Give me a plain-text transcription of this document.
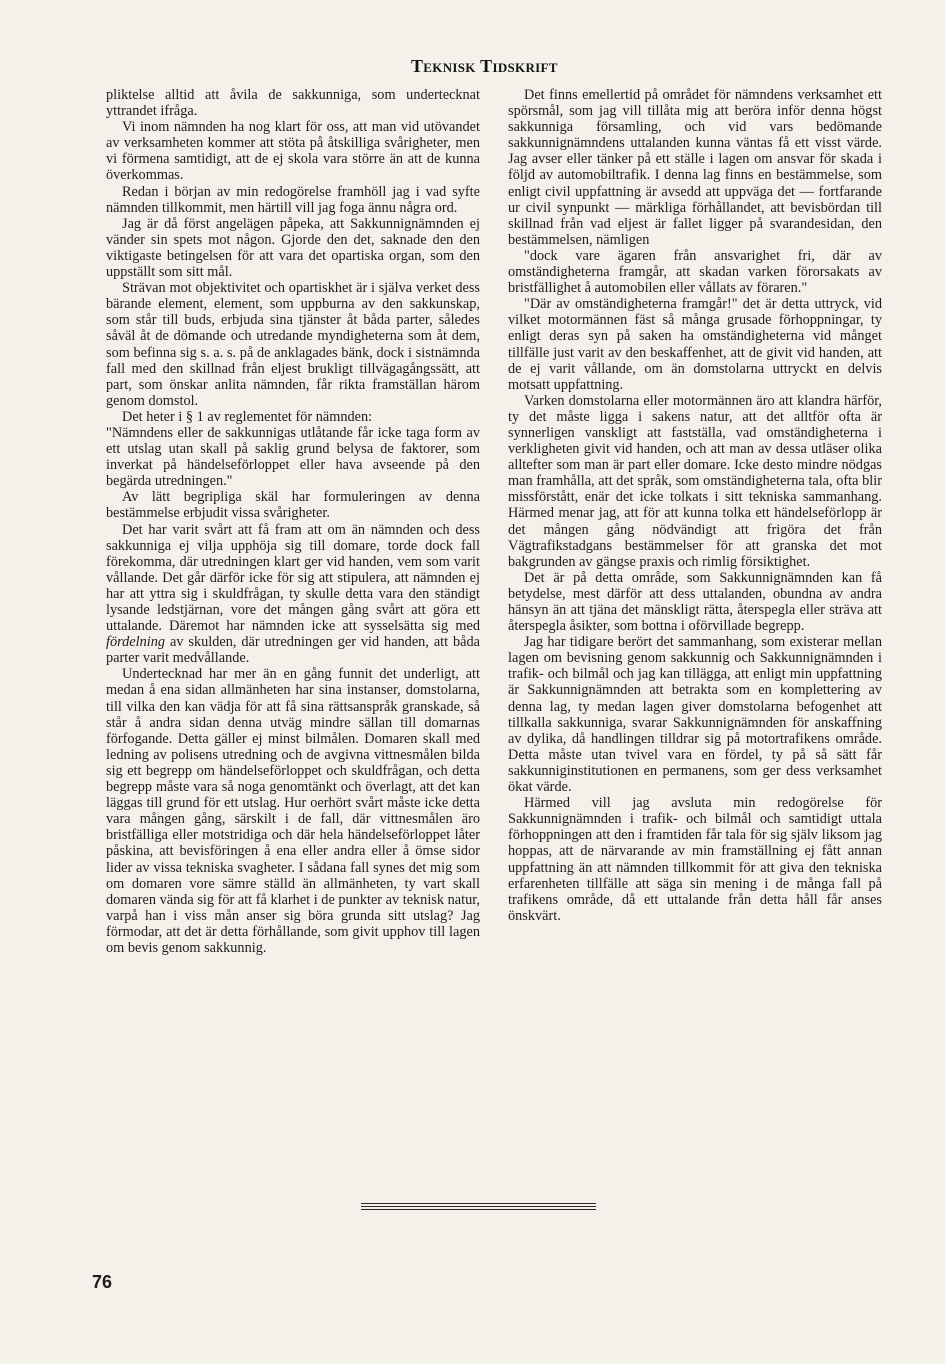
Teknisk Tidskrift

pliktelse alltid att åvila de sakkunniga, som undertecknat yttrandet ifråga.

Vi inom nämnden ha nog klart för oss, att man vid utövandet av verksamheten kommer att stöta på åtskilliga svårigheter, men vi förmena samtidigt, att de ej skola vara större än att de kunna överkommas.

Redan i början av min redogörelse framhöll jag i vad syfte nämnden tillkommit, men härtill vill jag foga ännu några ord.

Jag är då först angelägen påpeka, att Sakkunnignämnden ej vänder sin spets mot någon. Gjorde den det, saknade den den viktigaste betingelsen för att vara det opartiska organ, som den uppställt som sitt mål.

Strävan mot objektivitet och opartiskhet är i själva verket dess bärande element, element, som uppburna av den sakkunskap, som står till buds, erbjuda sina tjänster åt båda parter, således såväl åt de dömande och utredande myndigheterna som åt dem, som befinna sig s. a. s. på de anklagades bänk, dock i sistnämnda fall med den skillnad från eljest brukligt tillvägagångssätt, att part, som önskar anlita nämnden, får rikta framställan härom genom domstol.

Det heter i § 1 av reglementet för nämnden:

"Nämndens eller de sakkunnigas utlåtande får icke taga form av ett utslag utan skall på saklig grund belysa de faktorer, som inverkat på händelseförloppet eller hava avseende på den begärda utredningen."

Av lätt begripliga skäl har formuleringen av denna bestämmelse erbjudit vissa svårigheter.

Det har varit svårt att få fram att om än nämnden och dess sakkunniga ej vilja upphöja sig till domare, torde dock fall förekomma, där utredningen klart ger vid handen, vem som varit vållande. Det går därför icke för sig att stipulera, att nämnden ej har att yttra sig i skuldfrågan, ty skulle detta vara den ständigt lysande ledstjärnan, vore det mången gång svårt att göra ett uttalande. Däremot har nämnden icke att sysselsätta sig med fördelning av skulden, där utredningen ger vid handen, att båda parter varit medvållande.

Undertecknad har mer än en gång funnit det underligt, att medan å ena sidan allmänheten har sina instanser, domstolarna, till vilka den kan vädja för att få sina rättsanspråk granskade, så står å andra sidan denna utväg mindre sällan till domarnas förfogande. Detta gäller ej minst bilmålen. Domaren skall med ledning av polisens utredning och de avgivna vittnesmålen bilda sig ett begrepp om händelseförloppet och skuldfrågan, och detta begrepp måste vara så noga genomtänkt och överlagt, att det kan läggas till grund för ett utslag. Hur oerhört svårt måste icke detta vara mången gång, särskilt i de fall, där vittnesmålen äro bristfälliga eller motstridiga och där hela händelseförloppet låter påskina, att bevisföringen å ena eller andra eller å ömse sidor lider av vissa tekniska svagheter. I sådana fall synes det mig som om domaren vore sämre ställd än allmänheten, ty vart skall domaren vända sig för att få klarhet i de punkter av teknisk natur, varpå han i viss mån anser sig böra grunda sitt utslag? Jag förmodar, att det är detta förhållande, som givit upphov till lagen om bevis genom sakkunnig.

Det finns emellertid på området för nämndens verksamhet ett spörsmål, som jag vill tillåta mig att beröra inför denna högst sakkunniga församling, och vid vars bedömande sakkunnignämndens uttalanden kunna väntas få ett visst värde. Jag avser eller tänker på ett ställe i lagen om ansvar för skada i följd av automobiltrafik. I denna lag finns en bestämmelse, som enligt civil uppfattning är avsedd att uppväga det — fortfarande ur civil synpunkt — märkliga förhållandet, att bevisbördan till skillnad från vad eljest är fallet ligger på svarandesidan, den bestämmelsen, nämligen

"dock vare ägaren från ansvarighet fri, där av omständigheterna framgår, att skadan varken förorsakats av bristfällighet å automobilen eller vållats av föraren."

"Där av omständigheterna framgår!" det är detta uttryck, vid vilket motormännen fäst så många grusade förhoppningar, ty enligt deras syn på saken ha omständigheterna vid månget tillfälle just varit av den beskaffenhet, att de givit vid handen, att de ej varit vållande, om än domstolarna uttryckt en delvis motsatt uppfattning.

Varken domstolarna eller motormännen äro att klandra härför, ty det måste ligga i sakens natur, att det alltför ofta är synnerligen vanskligt att fastställa, vad omständigheterna i verkligheten givit vid handen, och att man av dessa utläser olika alltefter som man är part eller domare. Icke desto mindre nödgas man framhålla, att det språk, som omständigheterna tala, ofta blir missförstått, enär det icke tolkats i sitt tekniska sammanhang. Härmed menar jag, att för att kunna tolka ett händelseförlopp är det mången gång nödvändigt att frigöra det från Vägtrafikstadgans bestämmelser för att granska det mot bakgrunden av gängse praxis och rimlig försiktighet.

Det är på detta område, som Sakkunnignämnden kan få betydelse, mest därför att dess uttalanden, obundna av andra hänsyn än att tjäna det mänskligt rätta, återspegla eller sträva att återspegla åsikter, som bottna i oförvillade begrepp.

Jag har tidigare berört det sammanhang, som existerar mellan lagen om bevisning genom sakkunnig och Sakkunnignämnden i trafik- och bilmål och jag kan tillägga, att enligt min uppfattning är Sakkunnignämnden att betrakta som en komplettering av denna lag, ty medan lagen giver domstolarna befogenhet att tillkalla sakkunniga, svarar Sakkunnignämnden för anskaffning av dylika, då handlingen tilldrar sig på motortrafikens område. Detta måste utan tvivel vara en fördel, ty på så sätt får sakkunniginstitutionen en permanens, som ger dess verksamhet ökat värde.

Härmed vill jag avsluta min redogörelse för Sakkunnignämnden i trafik- och bilmål och samtidigt uttala förhoppningen att den i framtiden får tala för sig själv liksom jag hoppas, att de närvarande av min framställning ej fått annan uppfattning än att nämnden tillkommit för att giva den tekniska erfarenheten tillfälle att säga sin mening i de många fall på trafikens område, då ett uttalande från detta håll får anses önskvärt.

76
